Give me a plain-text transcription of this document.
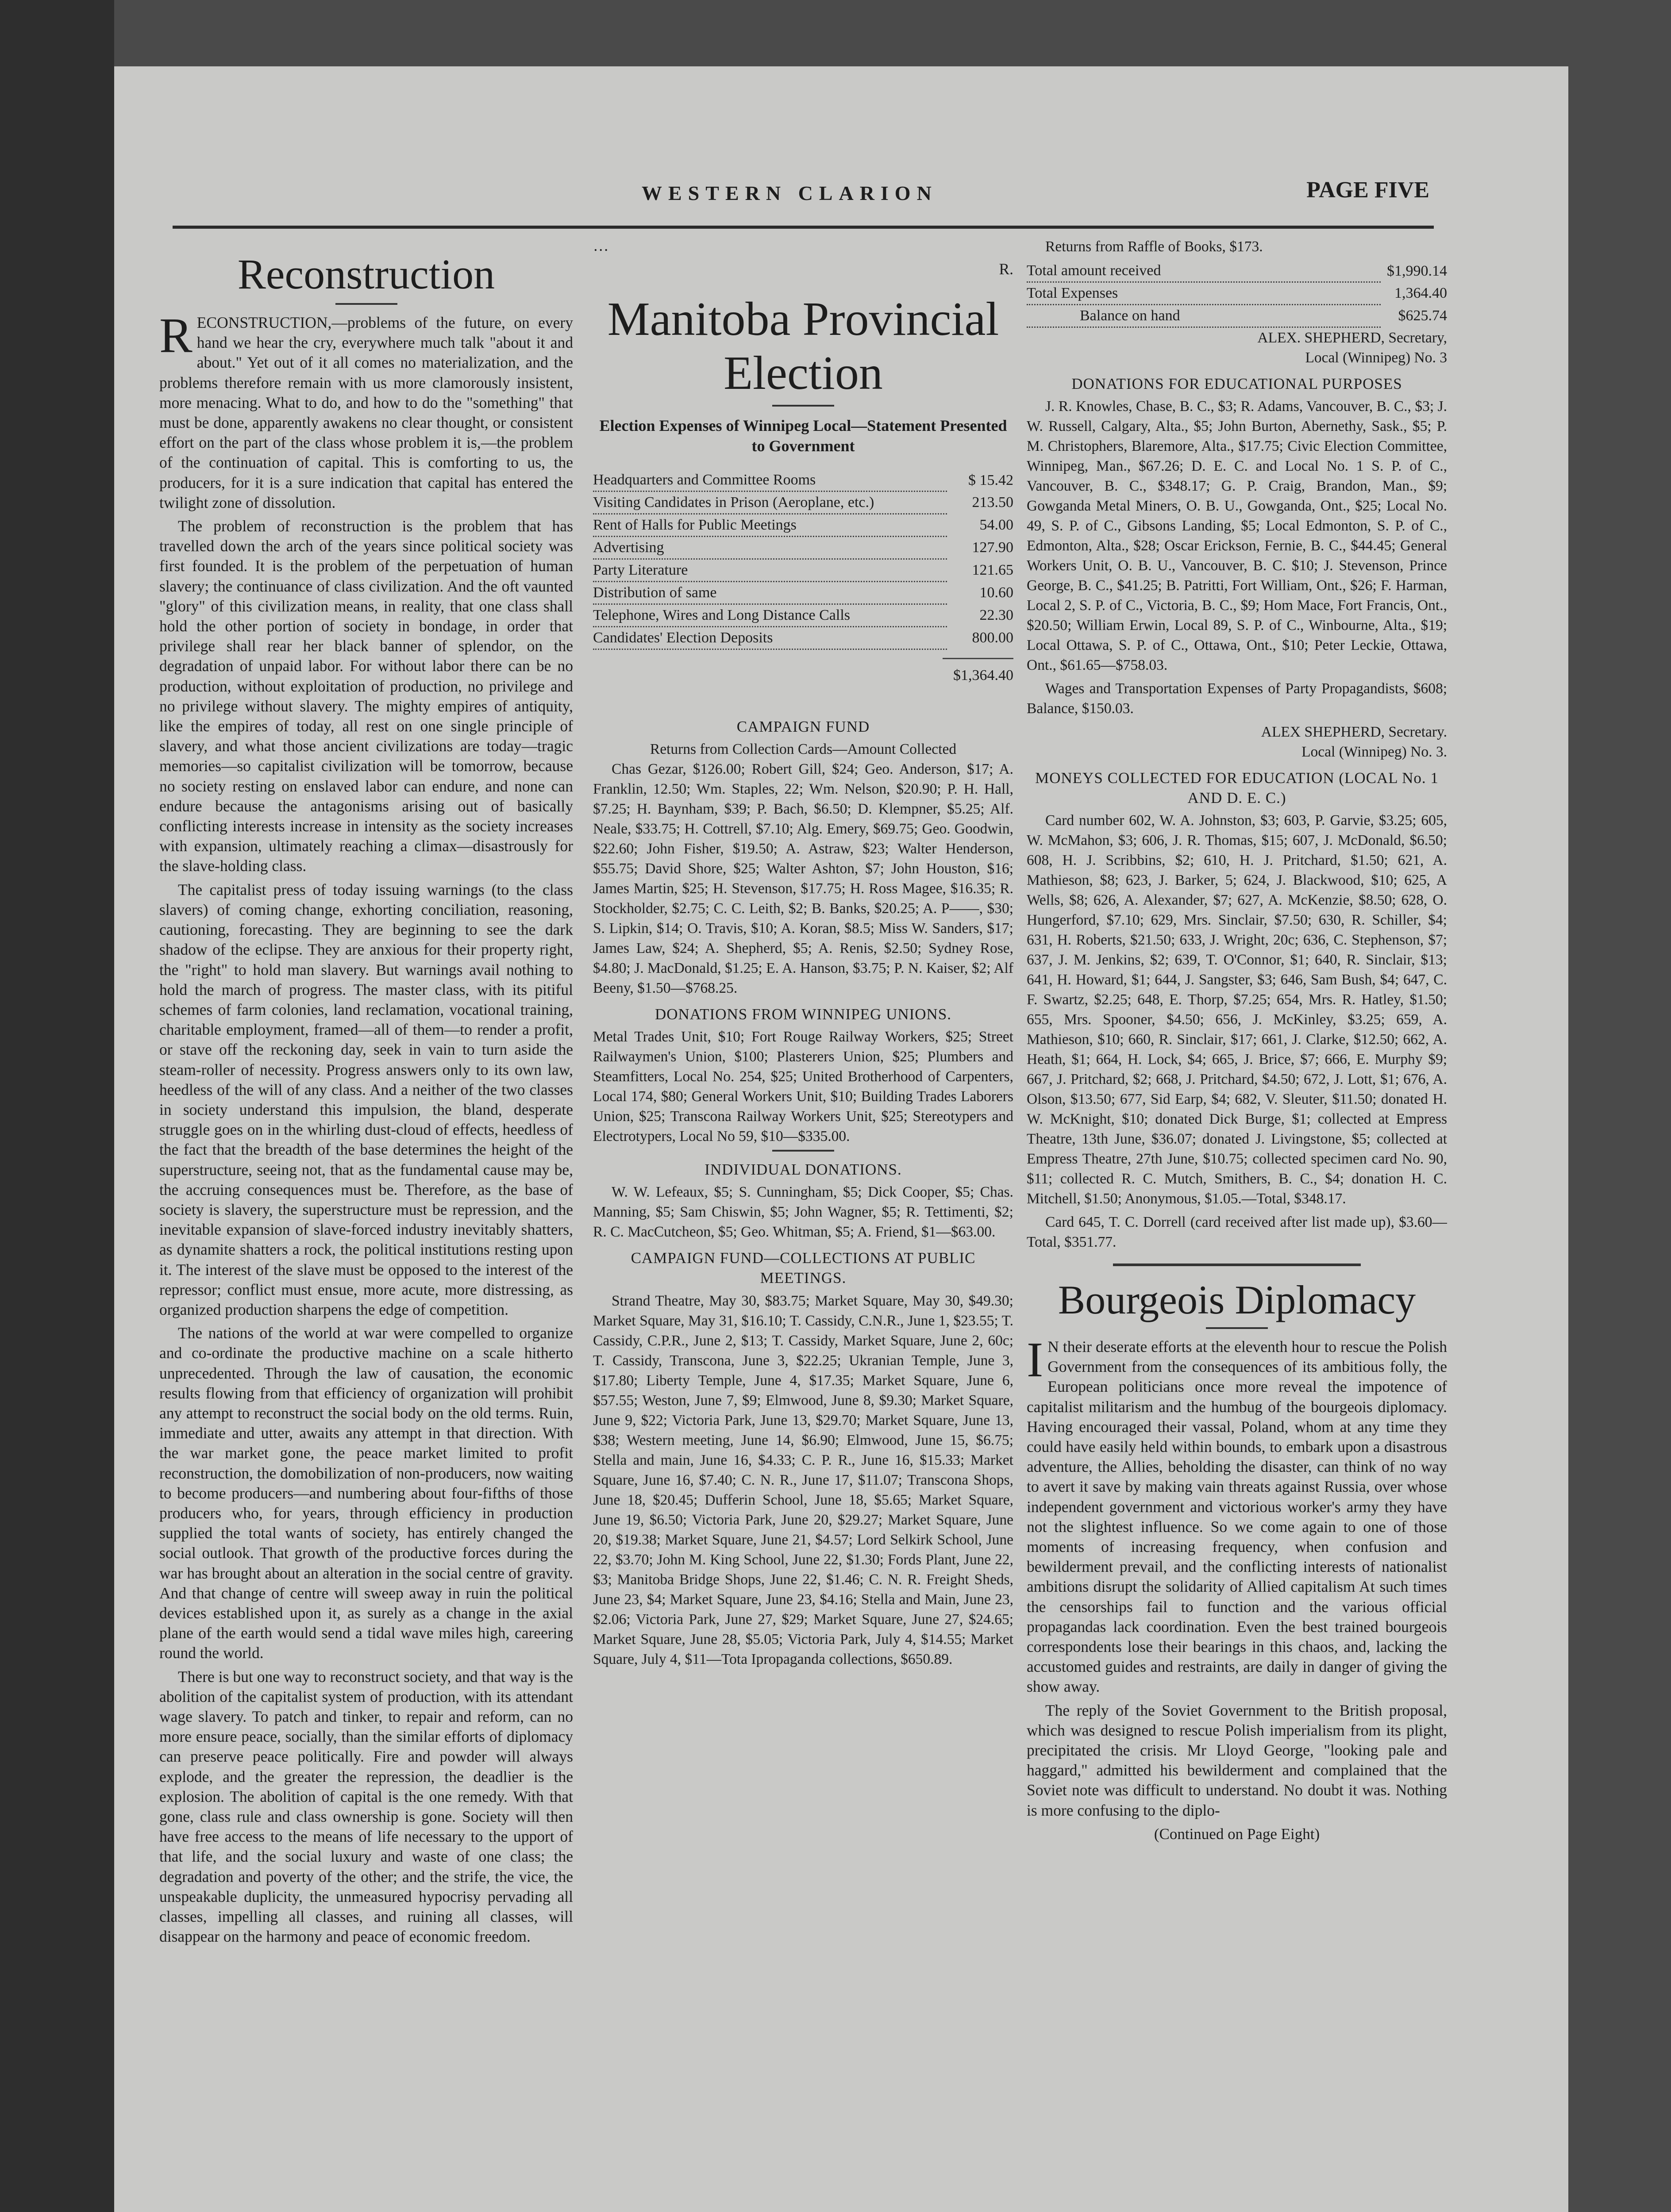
WESTERN CLARION	PAGE FIVE
Reconstruction

RECONSTRUCTION,—problems of the future, on every hand we hear the cry, everywhere much talk "about it and about." Yet out of it all comes no materialization, and the problems therefore remain with us more clamorously insistent, more menacing. What to do, and how to do the "something" that must be done, apparently awakens no clear thought, or consistent effort on the part of the class whose problem it is,—the problem of the continuation of capital. This is comforting to us, the producers, for it is a sure indication that capital has entered the twilight zone of dissolution.

The problem of reconstruction is the problem that has travelled down the arch of the years since political society was first founded. It is the problem of the perpetuation of human slavery; the continuance of class civilization. And the oft vaunted "glory" of this civilization means, in reality, that one class shall hold the other portion of society in bondage, in order that privilege shall rear her black banner of splendor, on the degradation of unpaid labor. For without labor there can be no production, without exploitation of production, no privilege and no privilege without slavery. The mighty empires of antiquity, like the empires of today, all rest on one single principle of slavery, and what those ancient civilizations are today—tragic memories—so capitalist civilization will be tomorrow, because no society resting on enslaved labor can endure, and none can endure because the antagonisms arising out of basically conflicting interests increase in intensity as the society increases with expansion, ultimately reaching a climax—disastrously for the slave-holding class.

The capitalist press of today issuing warnings (to the class slavers) of coming change, exhorting conciliation, reasoning, cautioning, forecasting. They are beginning to see the dark shadow of the eclipse. They are anxious for their property right, the "right" to hold man slavery. But warnings avail nothing to hold the march of progress. The master class, with its pitiful schemes of farm colonies, land reclamation, vocational training, charitable employment, framed—all of them—to render a profit, or stave off the reckoning day, seek in vain to turn aside the steam-roller of necessity. Progress answers only to its own law, heedless of the will of any class. And a neither of the two classes in society understand this impulsion, the bland, desperate struggle goes on in the whirling dust-cloud of effects, heedless of the fact that the breadth of the base determines the height of the superstructure, seeing not, that as the fundamental cause may be, the accruing consequences must be. Therefore, as the base of society is slavery, the superstructure must be repression, and the inevitable expansion of slave-forced industry inevitably shatters, as dynamite shatters a rock, the political institutions resting upon it. The interest of the slave must be opposed to the interest of the repressor; conflict must ensue, more acute, more distressing, as organized production sharpens the edge of competition.

The nations of the world at war were compelled to organize and co-ordinate the productive machine on a scale hitherto unprecedented. Through the law of causation, the economic results flowing from that efficiency of organization will prohibit any attempt to reconstruct the social body on the old terms. Ruin, immediate and utter, awaits any attempt in that direction. With the war market gone, the peace market limited to profit reconstruction, the domobilization of non-producers, now waiting to become producers—and numbering about four-fifths of those producers who, for years, through efficiency in production supplied the total wants of society, has entirely changed the social outlook. That growth of the productive forces during the war has brought about an alteration in the social centre of gravity. And that change of centre will sweep away in ruin the political devices established upon it, as surely as a change in the axial plane of the earth would send a tidal wave miles high, careering round the world.

There is but one way to reconstruct society, and that way is the abolition of the capitalist system of production, with its attendant wage slavery. To patch and tinker, to repair and reform, can no more ensure peace, socially, than the similar efforts of diplomacy can preserve peace politically. Fire and powder will always explode, and the greater the repression, the deadlier is the explosion. The abolition of capital is the one remedy. With that gone, class rule and class ownership is gone. Society will then have free access to the means of life necessary to the upport of that life, and the social luxury and waste of one class; the degradation and poverty of the other; and the strife, the vice, the unspeakable duplicity, the unmeasured hypocrisy pervading all classes, impelling all classes, and ruining all classes, will disappear on the harmony and peace of economic freedom.

…

R.

Manitoba Provincial
Election
Election Expenses of Winnipeg Local—Statement Presented to Government
Headquarters and Committee Rooms	$ 15.42
Visiting Candidates in Prison (Aeroplane, etc.)	213.50
Rent of Halls for Public Meetings	54.00
Advertising	127.90
Party Literature	121.65
Distribution of same	10.60
Telephone, Wires and Long Distance Calls	22.30
Candidates' Election Deposits	800.00
$1,364.40
CAMPAIGN FUND
Returns from Collection Cards—Amount Collected

Chas Gezar, $126.00; Robert Gill, $24; Geo. Anderson, $17; A. Franklin, 12.50; Wm. Staples, 22; Wm. Nelson, $20.90; P. H. Hall, $7.25; H. Baynham, $39; P. Bach, $6.50; D. Klempner, $5.25; Alf. Neale, $33.75; H. Cottrell, $7.10; Alg. Emery, $69.75; Geo. Goodwin, $22.60; John Fisher, $19.50; A. Astraw, $23; Walter Henderson, $55.75; David Shore, $25; Walter Ashton, $7; John Houston, $16; James Martin, $25; H. Stevenson, $17.75; H. Ross Magee, $16.35; R. Stockholder, $2.75; C. C. Leith, $2; B. Banks, $20.25; A. P——, $30; S. Lipkin, $14; O. Travis, $10; A. Koran, $8.5; Miss W. Sanders, $17; James Law, $24; A. Shepherd, $5; A. Renis, $2.50; Sydney Rose, $4.80; J. MacDonald, $1.25; E. A. Hanson, $3.75; P. N. Kaiser, $2; Alf Beeny, $1.50—$768.25.

DONATIONS FROM WINNIPEG UNIONS.

Metal Trades Unit, $10; Fort Rouge Railway Workers, $25; Street Railwaymen's Union, $100; Plasterers Union, $25; Plumbers and Steamfitters, Local No. 254, $25; United Brotherhood of Carpenters, Local 174, $80; General Workers Unit, $10; Building Trades Laborers Union, $25; Transcona Railway Workers Unit, $25; Stereotypers and Electrotypers, Local No 59, $10—$335.00.

INDIVIDUAL DONATIONS.

W. W. Lefeaux, $5; S. Cunningham, $5; Dick Cooper, $5; Chas. Manning, $5; Sam Chiswin, $5; John Wagner, $5; R. Tettimenti, $2; R. C. MacCutcheon, $5; Geo. Whitman, $5; A. Friend, $1—$63.00.

CAMPAIGN FUND—COLLECTIONS AT PUBLIC MEETINGS.

Strand Theatre, May 30, $83.75; Market Square, May 30, $49.30; Market Square, May 31, $16.10; T. Cassidy, C.N.R., June 1, $23.55; T. Cassidy, C.P.R., June 2, $13; T. Cassidy, Market Square, June 2, 60c; T. Cassidy, Transcona, June 3, $22.25; Ukranian Temple, June 3, $17.80; Liberty Temple, June 4, $17.35; Market Square, June 6, $57.55; Weston, June 7, $9; Elmwood, June 8, $9.30; Market Square, June 9, $22; Victoria Park, June 13, $29.70; Market Square, June 13, $38; Western meeting, June 14, $6.90; Elmwood, June 15, $6.75; Stella and main, June 16, $4.33; C. P. R., June 16, $15.33; Market Square, June 16, $7.40; C. N. R., June 17, $11.07; Transcona Shops, June 18, $20.45; Dufferin School, June 18, $5.65; Market Square, June 19, $6.50; Victoria Park, June 20, $29.27; Market Square, June 20, $19.38; Market Square, June 21, $4.57; Lord Selkirk School, June 22, $3.70; John M. King School, June 22, $1.30; Fords Plant, June 22, $3; Manitoba Bridge Shops, June 22, $1.46; C. N. R. Freight Sheds, June 23, $4; Market Square, June 23, $4.16; Stella and Main, June 23, $2.06; Victoria Park, June 27, $29; Market Square, June 27, $24.65; Market Square, June 28, $5.05; Victoria Park, July 4, $14.55; Market Square, July 4, $11—Tota Ipropaganda collections, $650.89.

Returns from Raffle of Books, $173.

Total amount received	$1,990.14
Total Expenses	1,364.40
Balance on hand	$625.74
ALEX. SHEPHERD, Secretary,
Local (Winnipeg) No. 3
DONATIONS FOR EDUCATIONAL PURPOSES

J. R. Knowles, Chase, B. C., $3; R. Adams, Vancouver, B. C., $3; J. W. Russell, Calgary, Alta., $5; John Burton, Abernethy, Sask., $5; P. M. Christophers, Blaremore, Alta., $17.75; Civic Election Committee, Winnipeg, Man., $67.26; D. E. C. and Local No. 1 S. P. of C., Vancouver, B. C., $348.17; G. P. Craig, Brandon, Man., $9; Gowganda Metal Miners, O. B. U., Gowganda, Ont., $25; Local No. 49, S. P. of C., Gibsons Landing, $5; Local Edmonton, S. P. of C., Edmonton, Alta., $28; Oscar Erickson, Fernie, B. C., $44.45; General Workers Unit, O. B. U., Vancouver, B. C. $10; J. Stevenson, Prince George, B. C., $41.25; B. Patritti, Fort William, Ont., $26; F. Harman, Local 2, S. P. of C., Victoria, B. C., $9; Hom Mace, Fort Francis, Ont., $20.50; William Erwin, Local 89, S. P. of C., Winbourne, Alta., $19; Local Ottawa, S. P. of C., Ottawa, Ont., $10; Peter Leckie, Ottawa, Ont., $61.65—$758.03.

Wages and Transportation Expenses of Party Propagandists, $608; Balance, $150.03.

ALEX SHEPHERD, Secretary.
Local (Winnipeg) No. 3.
MONEYS COLLECTED FOR EDUCATION (LOCAL No. 1 AND D. E. C.)

Card number 602, W. A. Johnston, $3; 603, P. Garvie, $3.25; 605, W. McMahon, $3; 606, J. R. Thomas, $15; 607, J. McDonald, $6.50; 608, H. J. Scribbins, $2; 610, H. J. Pritchard, $1.50; 621, A. Mathieson, $8; 623, J. Barker, 5; 624, J. Blackwood, $10; 625, A Wells, $8; 626, A. Alexander, $7; 627, A. McKenzie, $8.50; 628, O. Hungerford, $7.10; 629, Mrs. Sinclair, $7.50; 630, R. Schiller, $4; 631, H. Roberts, $21.50; 633, J. Wright, 20c; 636, C. Stephenson, $7; 637, J. M. Jenkins, $2; 639, T. O'Connor, $1; 640, R. Sinclair, $13; 641, H. Howard, $1; 644, J. Sangster, $3; 646, Sam Bush, $4; 647, C. F. Swartz, $2.25; 648, E. Thorp, $7.25; 654, Mrs. R. Hatley, $1.50; 655, Mrs. Spooner, $4.50; 656, J. McKinley, $3.25; 659, A. Mathieson, $10; 660, R. Sinclair, $17; 661, J. Clarke, $12.50; 662, A. Heath, $1; 664, H. Lock, $4; 665, J. Brice, $7; 666, E. Murphy $9; 667, J. Pritchard, $2; 668, J. Pritchard, $4.50; 672, J. Lott, $1; 676, A. Olson, $13.50; 677, Sid Earp, $4; 682, V. Sleuter, $11.50; donated H. W. McKnight, $10; donated Dick Burge, $1; collected at Empress Theatre, 13th June, $36.07; donated J. Livingstone, $5; collected at Empress Theatre, 27th June, $10.75; collected specimen card No. 90, $11; collected R. C. Mutch, Smithers, B. C., $4; donation H. C. Mitchell, $1.50; Anonymous, $1.05.—Total, $348.17.

Card 645, T. C. Dorrell (card received after list made up), $3.60—Total, $351.77.

Bourgeois Diplomacy

I N their deserate efforts at the eleventh hour to rescue the Polish Government from the consequences of its ambitious folly, the European politicians once more reveal the impotence of capitalist militarism and the humbug of the bourgeois diplomacy. Having encouraged their vassal, Poland, whom at any time they could have easily held within bounds, to embark upon a disastrous adventure, the Allies, beholding the disaster, can think of no way to avert it save by making vain threats against Russia, over whose independent government and victorious worker's army they have not the slightest influence. So we come again to one of those moments of increasing frequency, when confusion and bewilderment prevail, and the conflicting interests of nationalist ambitions disrupt the solidarity of Allied capitalism At such times the censorships fail to function and the various official propagandas lack coordination. Even the best trained bourgeois correspondents lose their bearings in this chaos, and, lacking the accustomed guides and restraints, are daily in danger of giving the show away.

The reply of the Soviet Government to the British proposal, which was designed to rescue Polish imperialism from its plight, precipitated the crisis. Mr Lloyd George, "looking pale and haggard," admitted his bewilderment and complained that the Soviet note was difficult to understand. No doubt it was. Nothing is more confusing to the diplo-

(Continued on Page Eight)
